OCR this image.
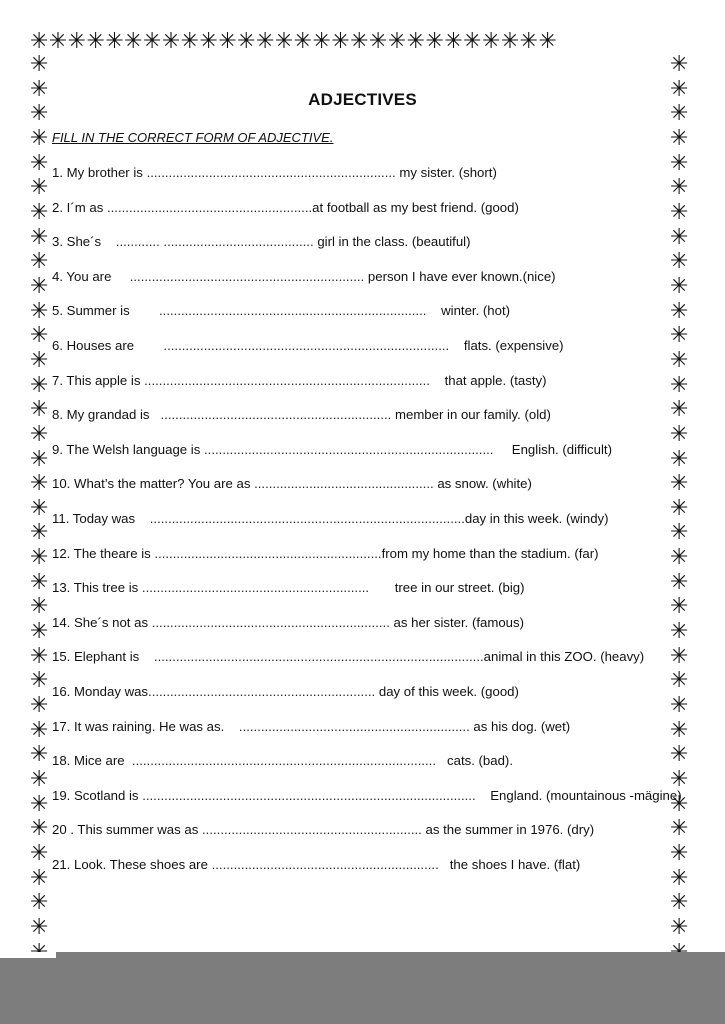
✳✳✳✳✳✳✳✳✳✳✳✳✳✳✳✳✳✳✳✳✳✳✳✳✳✳✳✳
✳
✳
✳
✳
✳
✳
✳
✳
✳
✳
✳
✳
✳
✳
✳
✳
✳
✳
✳
✳
✳
✳
✳
✳
✳
✳
✳
✳
✳
✳
✳
✳
✳
✳
✳
✳

✳
✳
✳
✳
✳
✳
✳
✳
✳
✳
✳
✳
✳
✳
✳
✳
✳
✳
✳
✳
✳
✳
✳
✳
✳
✳
✳
✳
✳
✳
✳
✳
✳
✳
✳
✳

ADJECTIVES
FILL IN THE CORRECT FORM OF ADJECTIVE.
1. My brother is .................................................................... my sister. (short)
2. I´m as ........................................................at football as my best friend. (good)
3. She´s ............ ......................................... girl in the class. (beautiful)
4. You are ................................................................ person I have ever known.(nice)
5. Summer is ......................................................................... winter. (hot)
6. Houses are .............................................................................. flats. (expensive)
7. This apple is .............................................................................. that apple. (tasty)
8. My grandad is ............................................................... member in our family. (old)
9. The Welsh language is ............................................................................... English. (difficult)
10. What’s the matter? You are as ................................................. as snow. (white)
11. Today was ......................................................................................day in this week. (windy)
12. The theare is ..............................................................from my home than the stadium. (far)
13. This tree is .............................................................. tree in our street. (big)
14. She´s not as ................................................................. as her sister. (famous)
15. Elephant is ..........................................................................................animal in this ZOO. (heavy)
16. Monday was.............................................................. day of this week. (good)
17. It was raining. He was as. ............................................................... as his dog. (wet)
18. Mice are ................................................................................... cats. (bad).
19. Scotland is ........................................................................................... England. (mountainous -mägine)
20 . This summer was as ............................................................ as the summer in 1976. (dry)
21. Look. These shoes are .............................................................. the shoes I have. (flat)
